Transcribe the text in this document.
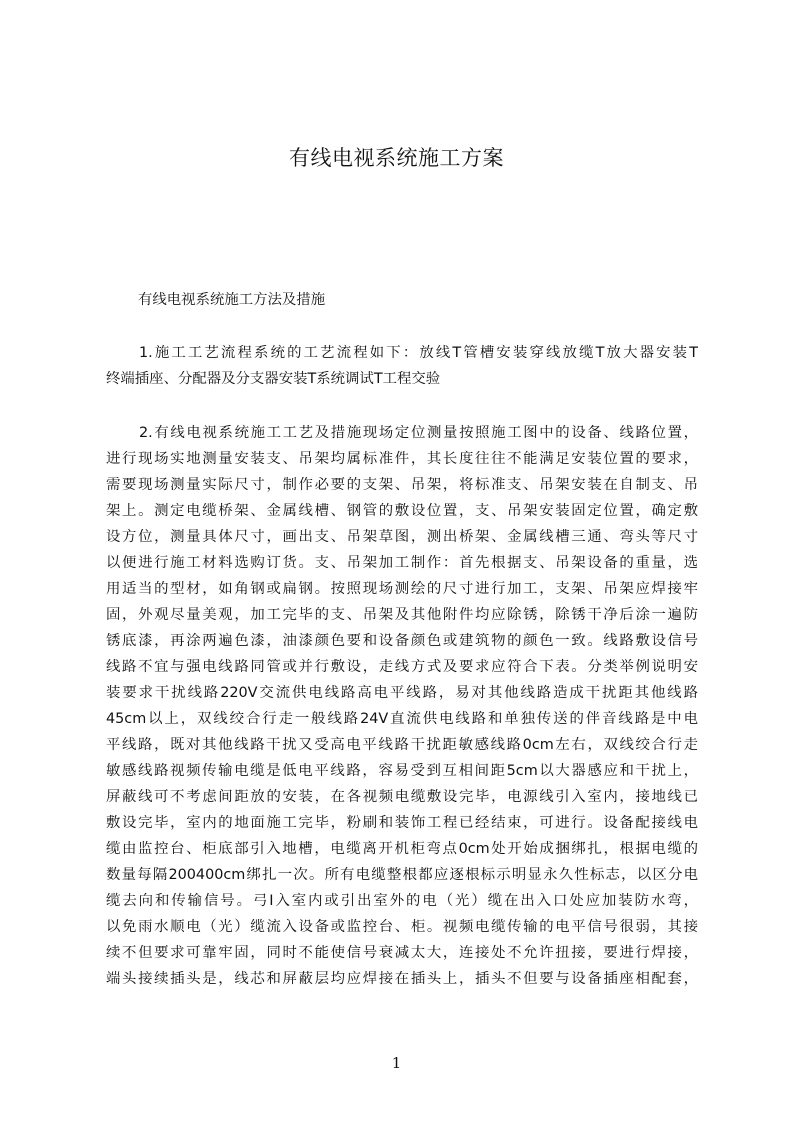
有线电视系统施工方案
有线电视系统施工方法及措施
1.施工工艺流程系统的工艺流程如下：放线T管槽安装穿线放缆T放大器安装T
终端插座、分配器及分支器安装T系统调试T工程交验
2.有线电视系统施工工艺及措施现场定位测量按照施工图中的设备、线路位置，
进行现场实地测量安装支、吊架均属标准件，其长度往往不能满足安装位置的要求，
需要现场测量实际尺寸，制作必要的支架、吊架，将标准支、吊架安装在自制支、吊
架上。测定电缆桥架、金属线槽、钢管的敷设位置，支、吊架安装固定位置，确定敷
设方位，测量具体尺寸，画出支、吊架草图，测出桥架、金属线槽三通、弯头等尺寸
以便进行施工材料选购订货。支、吊架加工制作：首先根据支、吊架设备的重量，选
用适当的型材，如角钢或扁钢。按照现场测绘的尺寸进行加工，支架、吊架应焊接牢
固，外观尽量美观，加工完毕的支、吊架及其他附件均应除锈，除锈干净后涂一遍防
锈底漆，再涂两遍色漆，油漆颜色要和设备颜色或建筑物的颜色一致。线路敷设信号
线路不宜与强电线路同管或并行敷设，走线方式及要求应符合下表。分类举例说明安
装要求干扰线路220V交流供电线路高电平线路，易对其他线路造成干扰距其他线路
45cm以上，双线绞合行走一般线路24V直流供电线路和单独传送的伴音线路是中电
平线路，既对其他线路干扰又受高电平线路干扰距敏感线路0cm左右，双线绞合行走
敏感线路视频传输电缆是低电平线路，容易受到互相间距5cm以大器感应和干扰上，
屏蔽线可不考虑间距放的安装，在各视频电缆敷设完毕，电源线引入室内，接地线已
敷设完毕，室内的地面施工完毕，粉刷和装饰工程已经结束，可进行。设备配接线电
缆由监控台、柜底部引入地槽，电缆离开机柜弯点0cm处开始成捆绑扎，根据电缆的
数量每隔200400cm绑扎一次。所有电缆整根都应逐根标示明显永久性标志，以区分电
缆去向和传输信号。弓I入室内或引出室外的电（光）缆在出入口处应加装防水弯，
以免雨水顺电（光）缆流入设备或监控台、柜。视频电缆传输的电平信号很弱，其接
续不但要求可靠牢固，同时不能使信号衰减太大，连接处不允许扭接，要进行焊接，
端头接续插头是，线芯和屏蔽层均应焊接在插头上，插头不但要与设备插座相配套，
1
